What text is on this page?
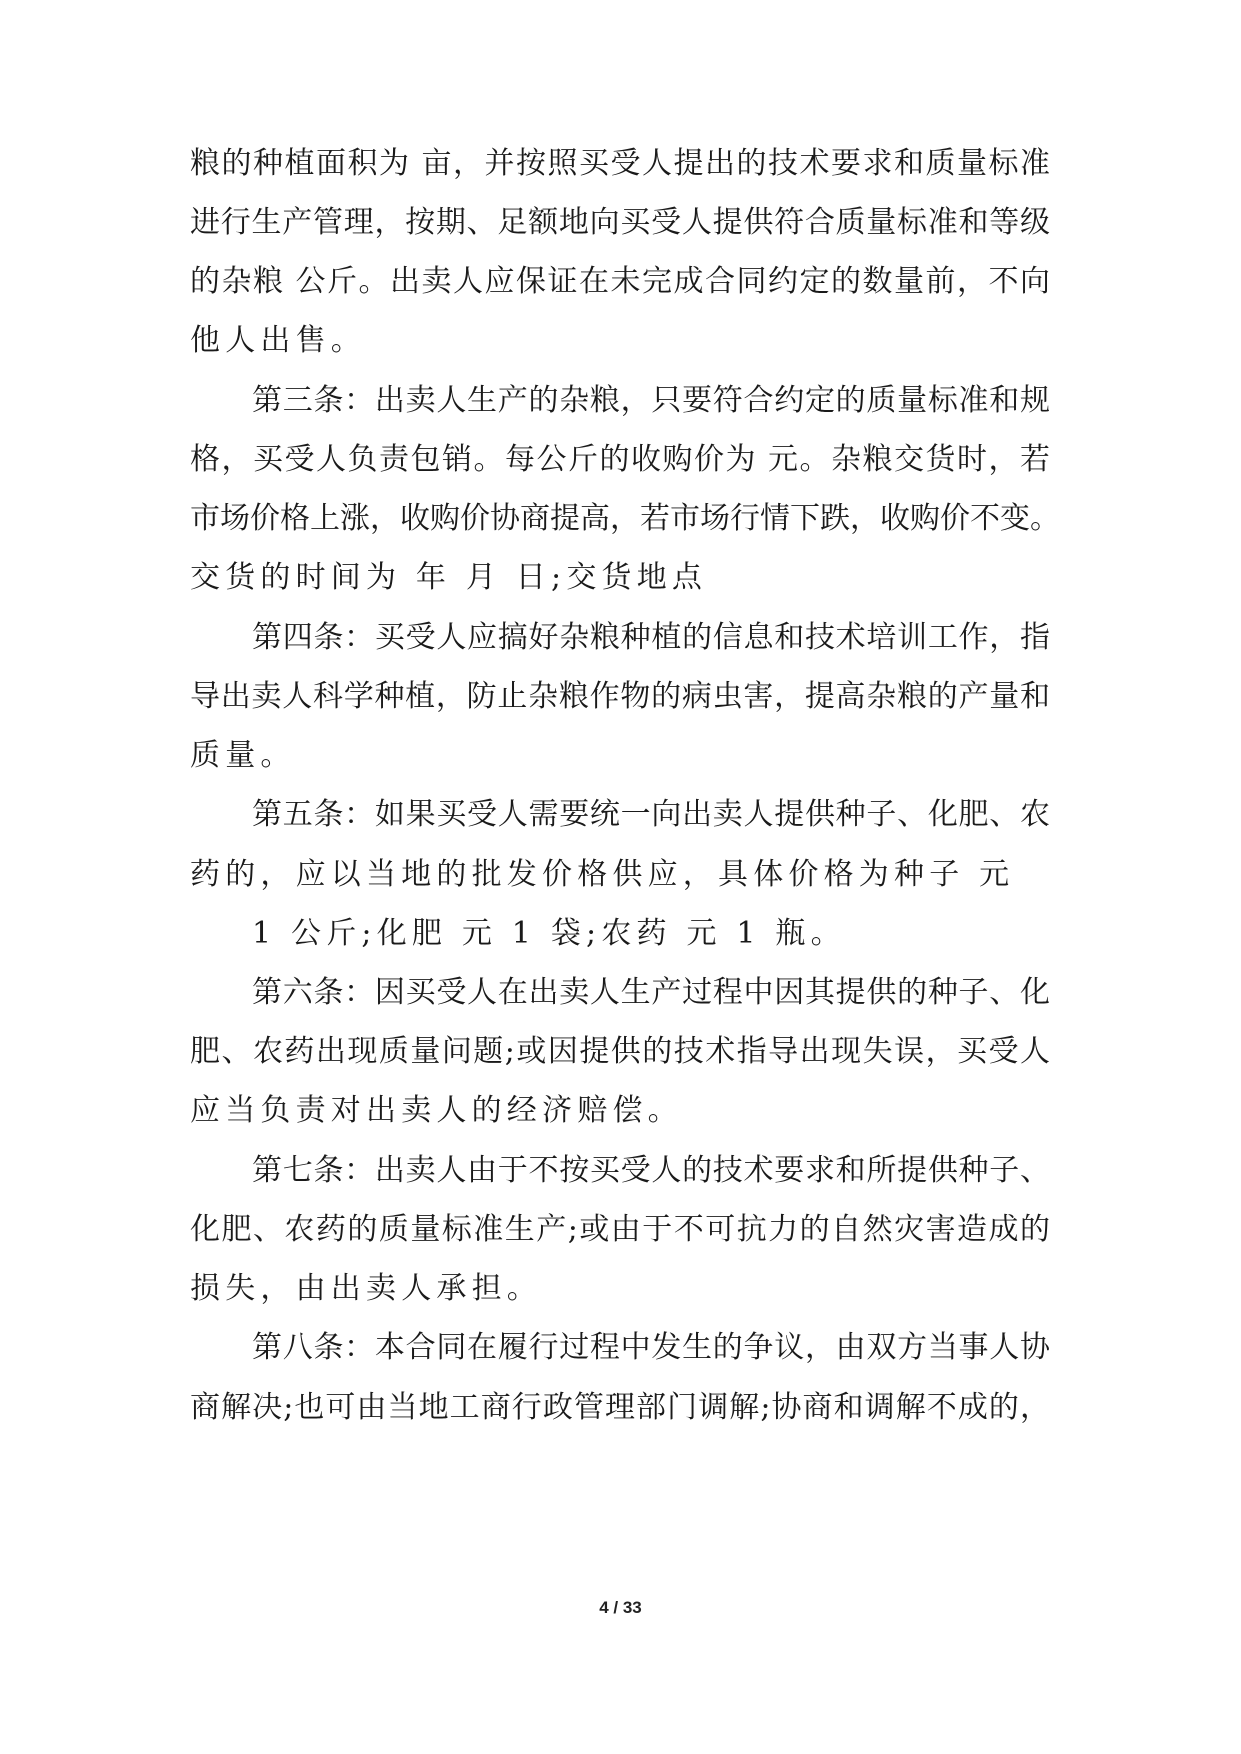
粮的种植面积为 亩，并按照买受人提出的技术要求和质量标准
进行生产管理，按期、足额地向买受人提供符合质量标准和等级
的杂粮 公斤。出卖人应保证在未完成合同约定的数量前，不向
他人出售。
第三条：出卖人生产的杂粮，只要符合约定的质量标准和规
格，买受人负责包销。每公斤的收购价为 元。杂粮交货时，若
市场价格上涨，收购价协商提高，若市场行情下跌，收购价不变。
交货的时间为 年 月 日;交货地点
第四条：买受人应搞好杂粮种植的信息和技术培训工作，指
导出卖人科学种植，防止杂粮作物的病虫害，提高杂粮的产量和
质量。
第五条：如果买受人需要统一向出卖人提供种子、化肥、农
药的，应以当地的批发价格供应，具体价格为种子 元
1 公斤;化肥 元 1 袋;农药 元 1 瓶。
第六条：因买受人在出卖人生产过程中因其提供的种子、化
肥、农药出现质量问题;或因提供的技术指导出现失误，买受人
应当负责对出卖人的经济赔偿。
第七条：出卖人由于不按买受人的技术要求和所提供种子、
化肥、农药的质量标准生产;或由于不可抗力的自然灾害造成的
损失，由出卖人承担。
第八条：本合同在履行过程中发生的争议，由双方当事人协
商解决;也可由当地工商行政管理部门调解;协商和调解不成的，
4 / 33
